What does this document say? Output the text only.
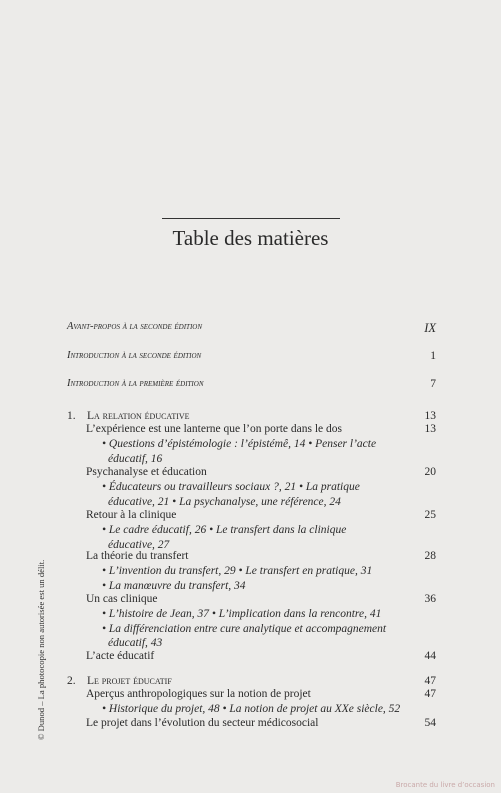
Table des matières
Avant-propos à la seconde édition	IX
Introduction à la seconde édition	1
Introduction à la première édition	7
1. La relation éducative	13
L’expérience est une lanterne que l’on porte dans le dos	13
• Questions d’épistémologie : l’épistémê, 14 • Penser l’acte
éducatif, 16
Psychanalyse et éducation	20
• Éducateurs ou travailleurs sociaux ?, 21 • La pratique
éducative, 21 • La psychanalyse, une référence, 24
Retour à la clinique	25
• Le cadre éducatif, 26 • Le transfert dans la clinique
éducative, 27
La théorie du transfert	28
• L’invention du transfert, 29 • Le transfert en pratique, 31
• La manœuvre du transfert, 34
Un cas clinique	36
• L’histoire de Jean, 37 • L’implication dans la rencontre, 41
• La différenciation entre cure analytique et accompagnement
éducatif, 43
L’acte éducatif	44
2. Le projet éducatif	47
Aperçus anthropologiques sur la notion de projet	47
• Historique du projet, 48 • La notion de projet au XXe siècle, 52
Le projet dans l’évolution du secteur médicosocial	54
© Dunod – La photocopie non autorisée est un délit.
Brocante du livre d’occasion
